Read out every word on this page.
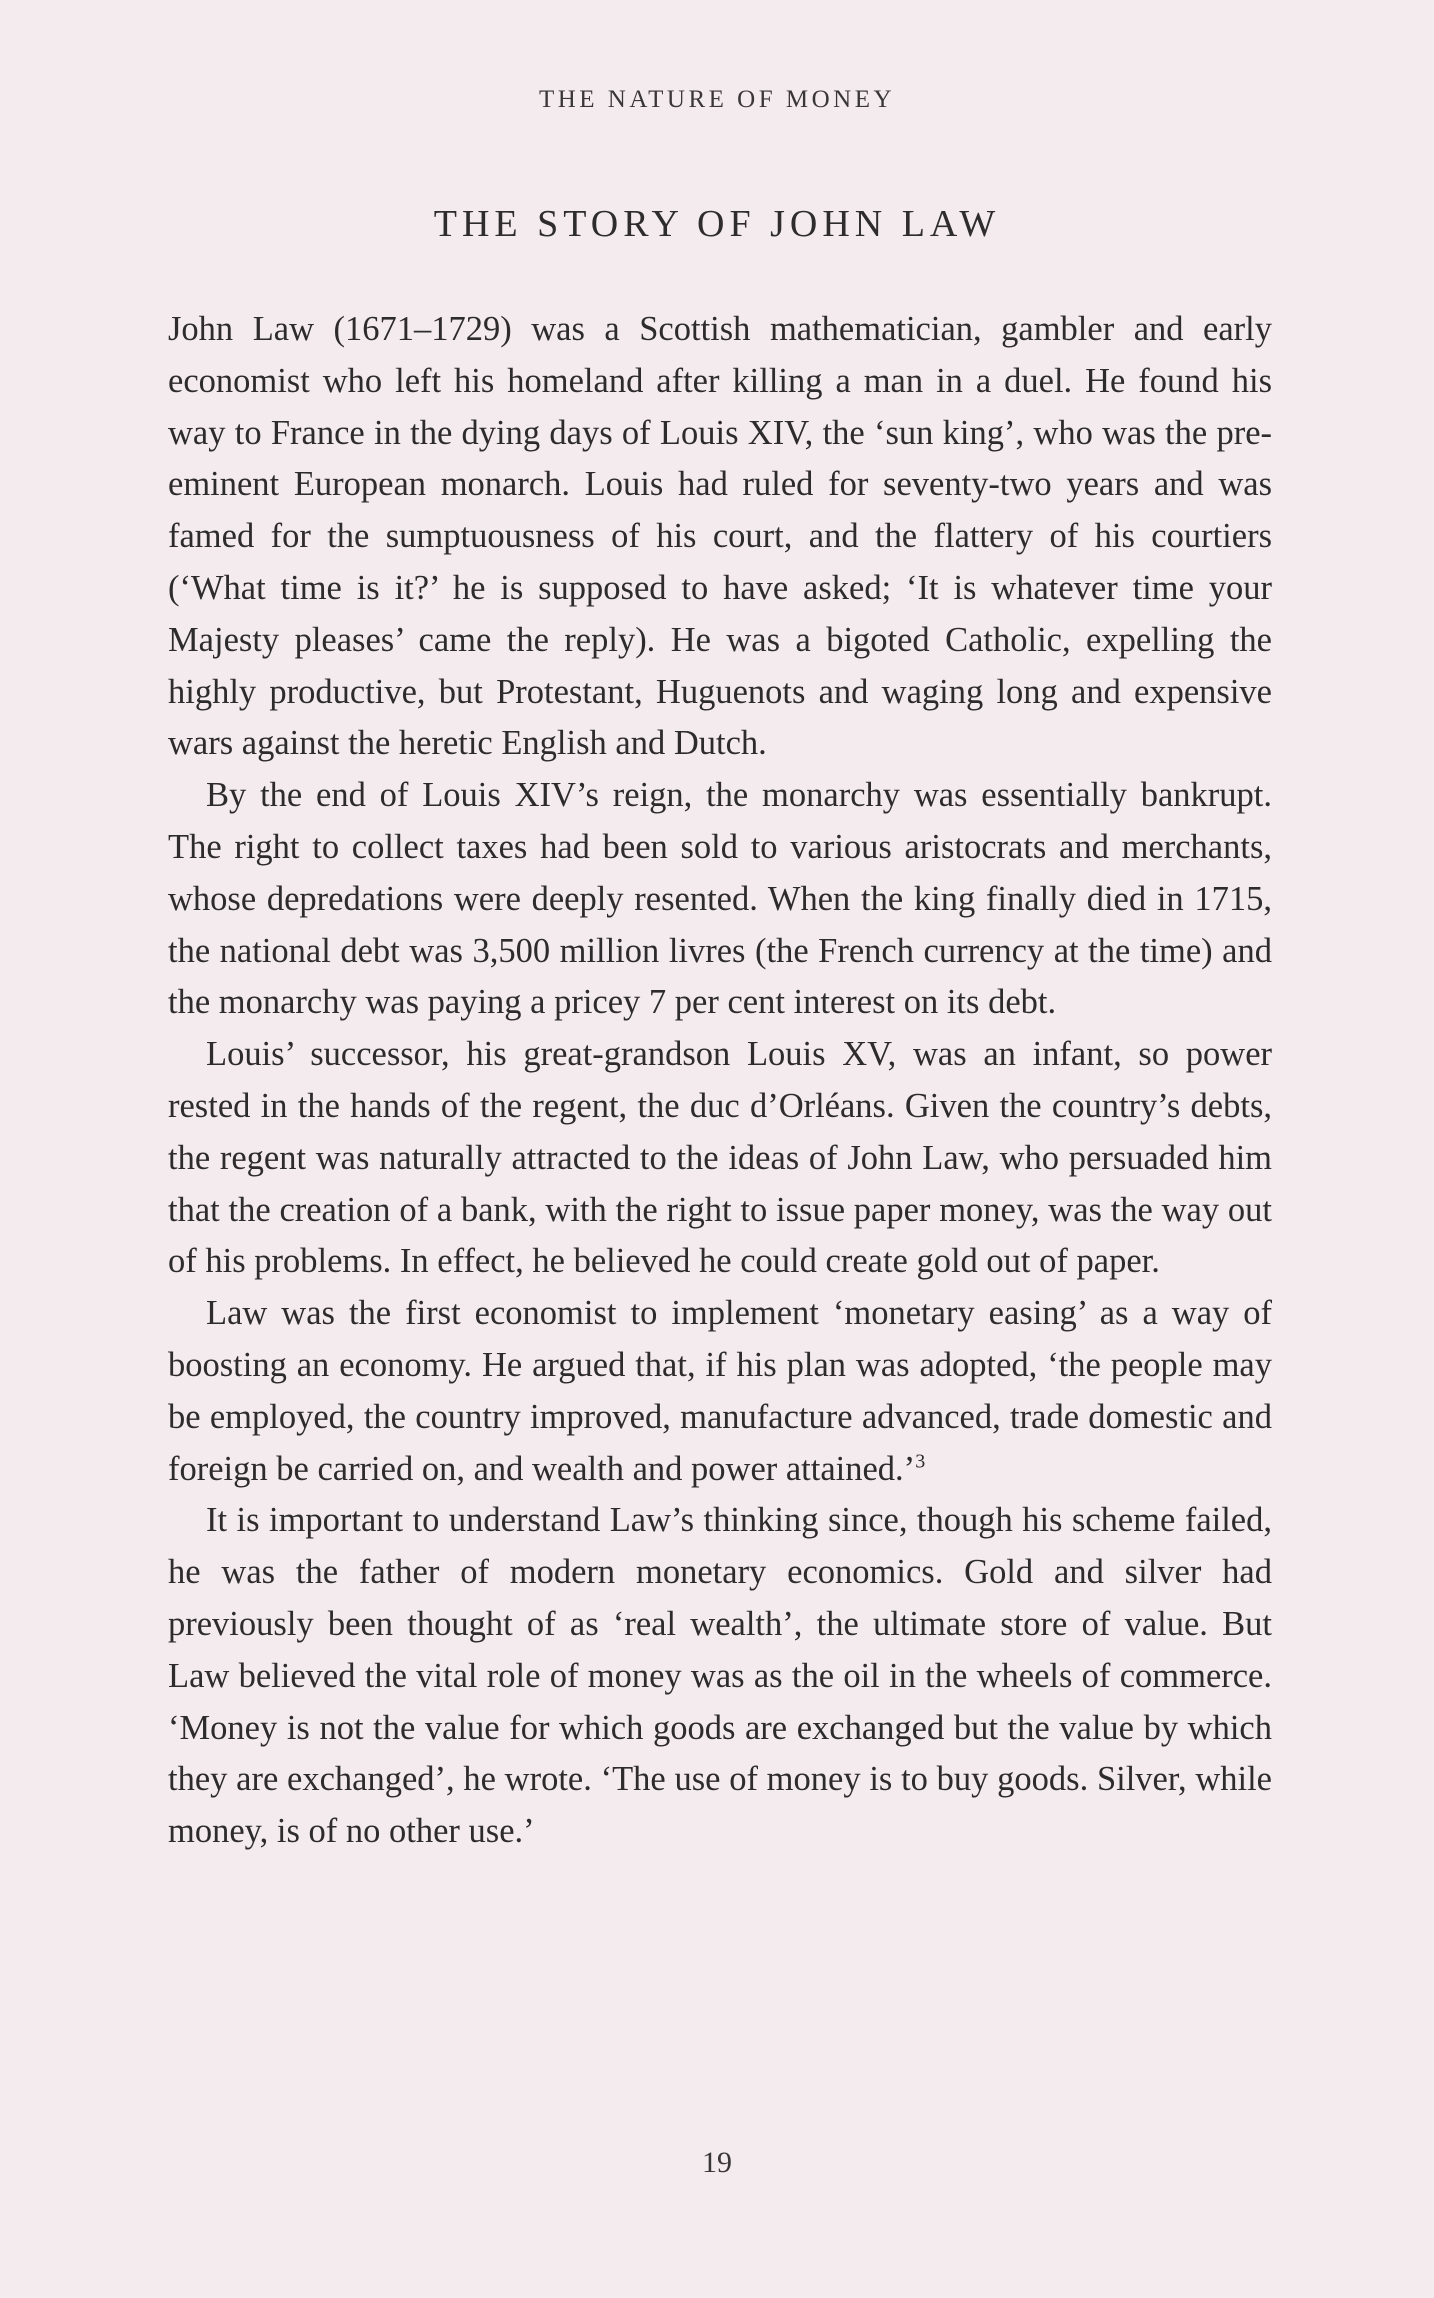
THE NATURE OF MONEY
THE STORY OF JOHN LAW

John Law (1671–1729) was a Scottish mathematician, gambler and early economist who left his homeland after killing a man in a duel. He found his way to France in the dying days of Louis XIV, the ‘sun king’, who was the pre-eminent European monarch. Louis had ruled for seventy-two years and was famed for the sumptuousness of his court, and the flattery of his courtiers (‘What time is it?’ he is supposed to have asked; ‘It is whatever time your Majesty pleases’ came the reply). He was a bigoted Catholic, expelling the highly productive, but Protestant, Huguenots and waging long and expensive wars against the heretic English and Dutch.

By the end of Louis XIV’s reign, the monarchy was essentially bankrupt. The right to collect taxes had been sold to various aristocrats and merchants, whose depredations were deeply resented. When the king finally died in 1715, the national debt was 3,500 million livres (the French currency at the time) and the monarchy was paying a pricey 7 per cent interest on its debt.

Louis’ successor, his great-grandson Louis XV, was an infant, so power rested in the hands of the regent, the duc d’Orléans. Given the country’s debts, the regent was naturally attracted to the ideas of John Law, who persuaded him that the creation of a bank, with the right to issue paper money, was the way out of his problems. In effect, he believed he could create gold out of paper.

Law was the first economist to implement ‘monetary easing’ as a way of boosting an economy. He argued that, if his plan was adopted, ‘the people may be employed, the country improved, manufacture advanced, trade domestic and foreign be carried on, and wealth and power attained.’$^3$

It is important to understand Law’s thinking since, though his scheme failed, he was the father of modern monetary economics. Gold and silver had previously been thought of as ‘real wealth’, the ultimate store of value. But Law believed the vital role of money was as the oil in the wheels of commerce. ‘Money is not the value for which goods are exchanged but the value by which they are exchanged’, he wrote. ‘The use of money is to buy goods. Silver, while money, is of no other use.’

19
